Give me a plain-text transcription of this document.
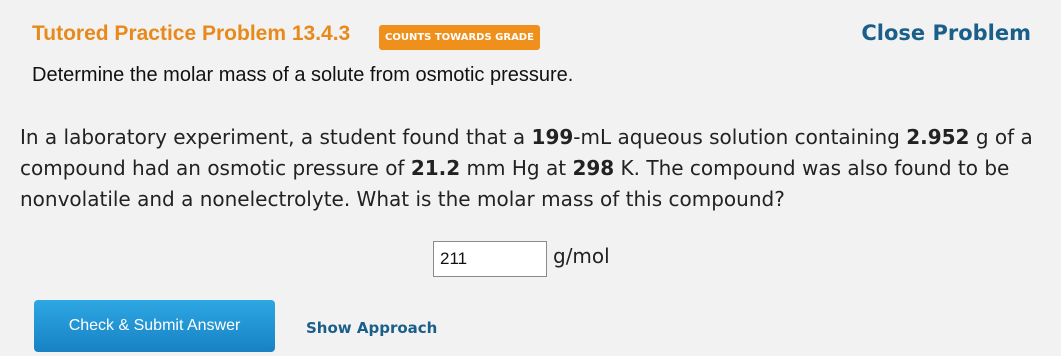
Tutored Practice Problem 13.4.3	COUNTS TOWARDS GRADE	Close Problem
Determine the molar mass of a solute from osmotic pressure.
In a laboratory experiment, a student found that a 199-mL aqueous solution containing 2.952 g of a compound had an osmotic pressure of 21.2 mm Hg at 298 K. The compound was also found to be nonvolatile and a nonelectrolyte. What is the molar mass of this compound?
211
g/mol
Check & Submit Answer	Show Approach
